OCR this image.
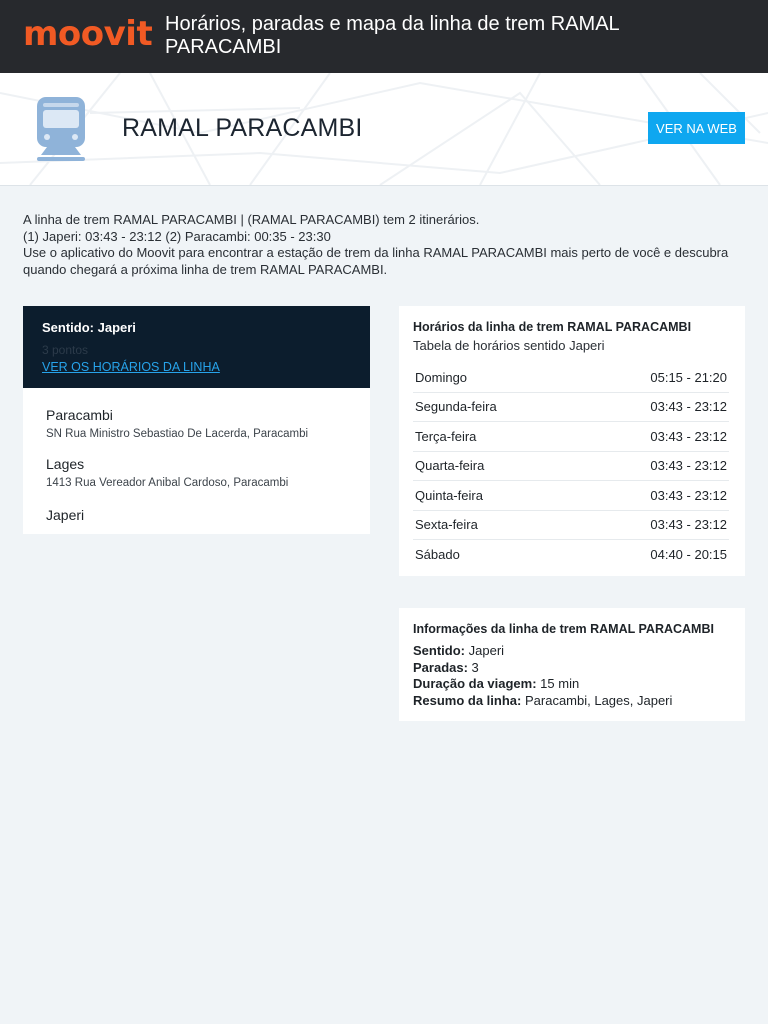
moovit Horários, paradas e mapa da linha de trem RAMAL PARACAMBI
RAMAL PARACAMBI	VER NA WEB

A linha de trem RAMAL PARACAMBI | (RAMAL PARACAMBI) tem 2 itinerários.

(1) Japeri: 03:43 - 23:12 (2) Paracambi: 00:35 - 23:30

Use o aplicativo do Moovit para encontrar a estação de trem da linha RAMAL PARACAMBI mais perto de você e descubra quando chegará a próxima linha de trem RAMAL PARACAMBI.

Sentido: Japeri
3 pontos
VER OS HORÁRIOS DA LINHA
Paracambi
SN Rua Ministro Sebastiao De Lacerda, Paracambi
Lages
1413 Rua Vereador Anibal Cardoso, Paracambi
Japeri
Horários da linha de trem RAMAL PARACAMBI
Tabela de horários sentido Japeri
Domingo	05:15 - 21:20
Segunda-feira	03:43 - 23:12
Terça-feira	03:43 - 23:12
Quarta-feira	03:43 - 23:12
Quinta-feira	03:43 - 23:12
Sexta-feira	03:43 - 23:12
Sábado	04:40 - 20:15
Informações da linha de trem RAMAL PARACAMBI
Sentido: Japeri
Paradas: 3
Duração da viagem: 15 min
Resumo da linha: Paracambi, Lages, Japeri
